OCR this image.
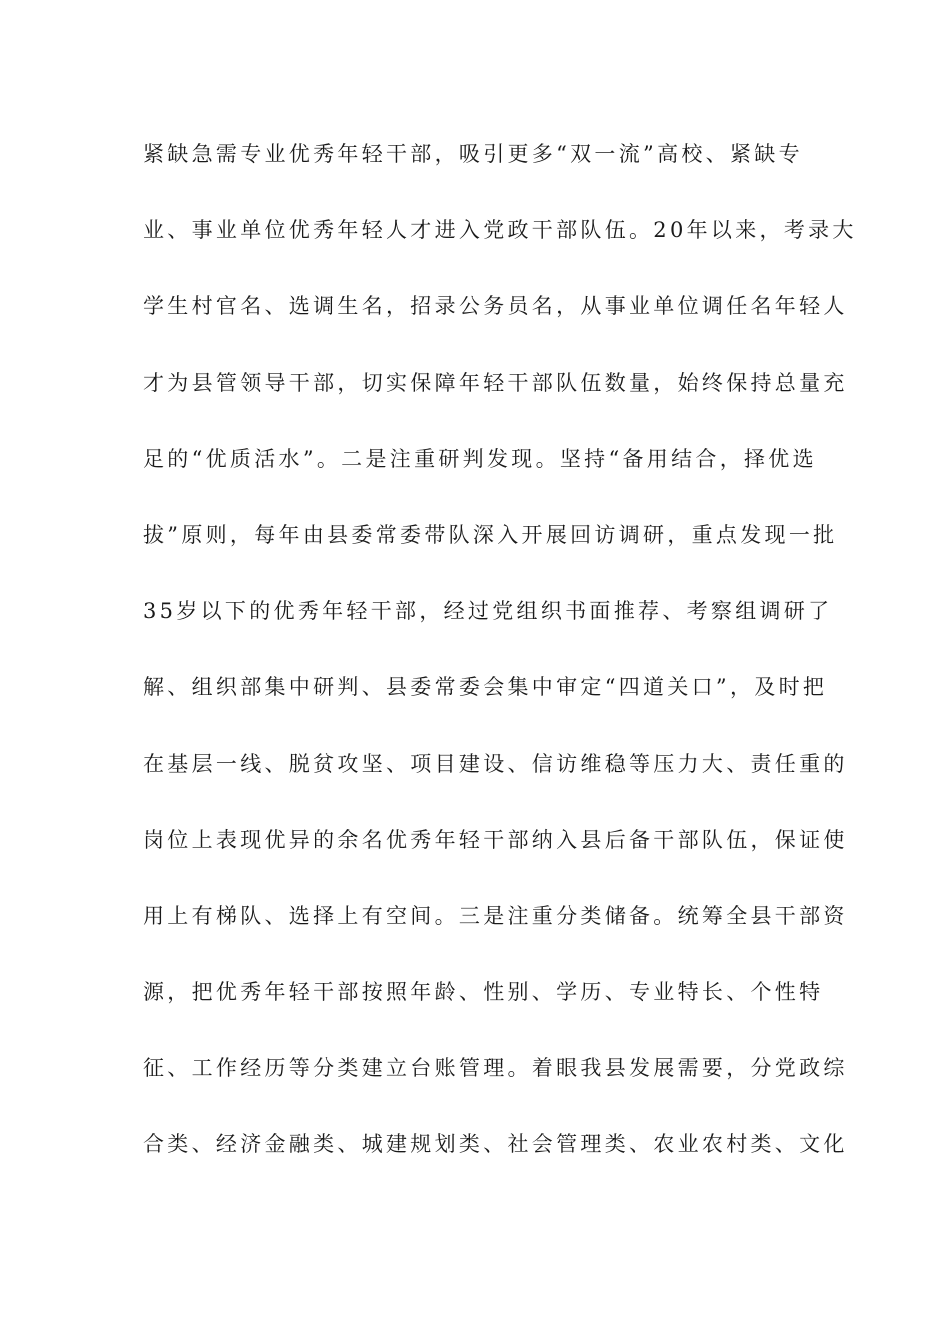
紧缺急需专业优秀年轻干部，吸引更多“双一流”高校、紧缺专
业、事业单位优秀年轻人才进入党政干部队伍。20年以来，考录大
学生村官名、选调生名，招录公务员名，从事业单位调任名年轻人
才为县管领导干部，切实保障年轻干部队伍数量，始终保持总量充
足的“优质活水”。二是注重研判发现。坚持“备用结合，择优选
拔”原则，每年由县委常委带队深入开展回访调研，重点发现一批
35岁以下的优秀年轻干部，经过党组织书面推荐、考察组调研了
解、组织部集中研判、县委常委会集中审定“四道关口”，及时把
在基层一线、脱贫攻坚、项目建设、信访维稳等压力大、责任重的
岗位上表现优异的余名优秀年轻干部纳入县后备干部队伍，保证使
用上有梯队、选择上有空间。三是注重分类储备。统筹全县干部资
源，把优秀年轻干部按照年龄、性别、学历、专业特长、个性特
征、工作经历等分类建立台账管理。着眼我县发展需要，分党政综
合类、经济金融类、城建规划类、社会管理类、农业农村类、文化
